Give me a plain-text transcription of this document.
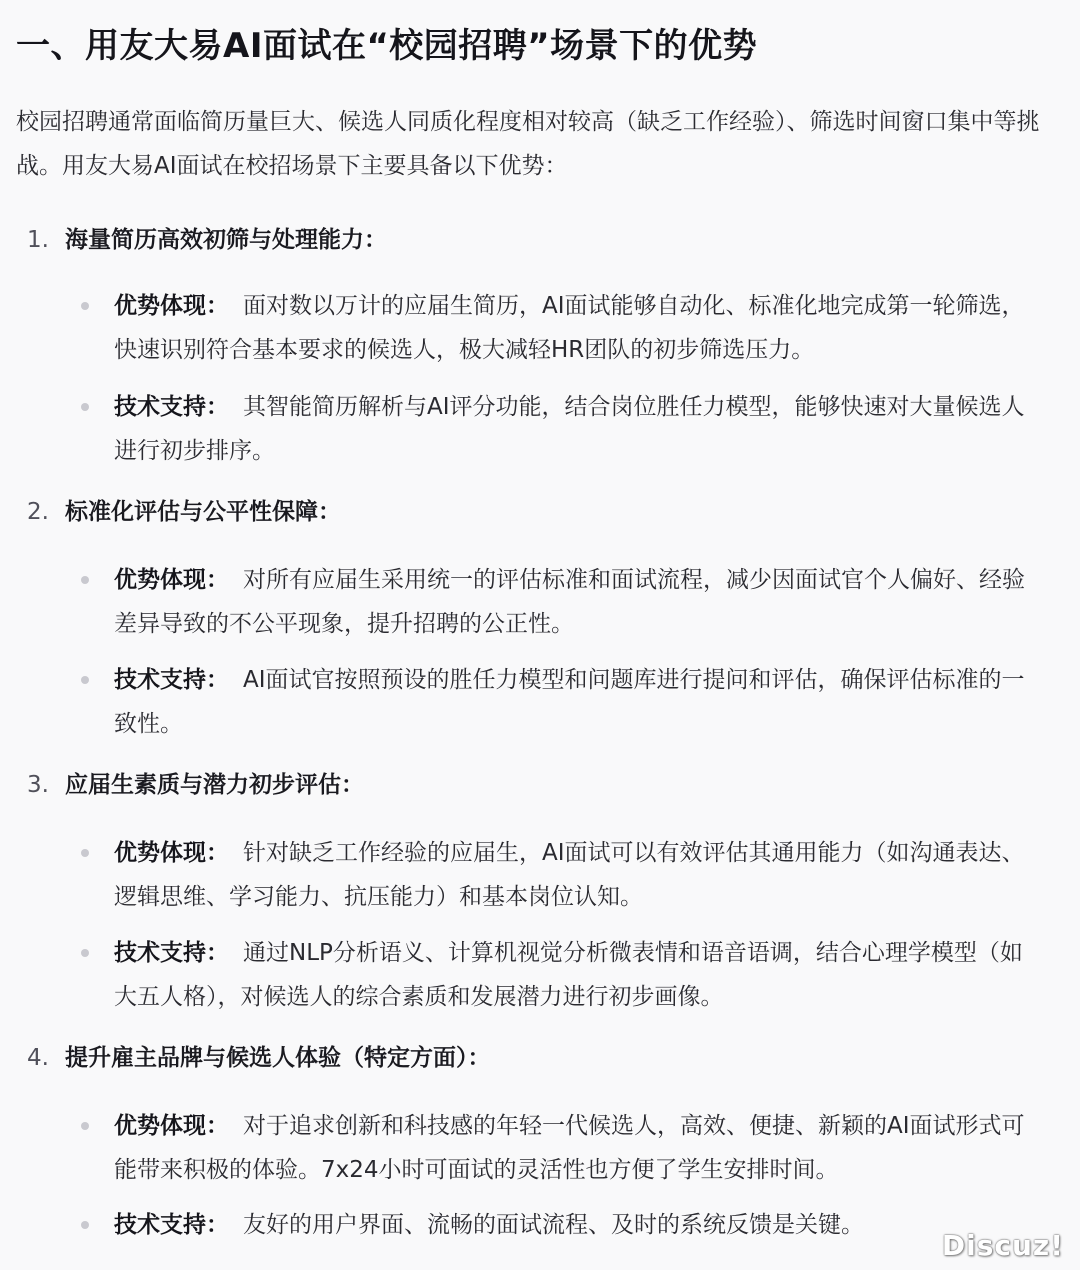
一、用友大易AI面试在“校园招聘”场景下的优势

校园招聘通常面临简历量巨大、候选人同质化程度相对较高（缺乏工作经验）、筛选时间窗口集中等挑战。用友大易AI面试在校招场景下主要具备以下优势：

1. 海量简历高效初筛与处理能力：
优势体现： 面对数以万计的应届生简历，AI面试能够自动化、标准化地完成第一轮筛选，快速识别符合基本要求的候选人，极大减轻HR团队的初步筛选压力。
技术支持： 其智能简历解析与AI评分功能，结合岗位胜任力模型，能够快速对大量候选人进行初步排序。
2. 标准化评估与公平性保障：
优势体现： 对所有应届生采用统一的评估标准和面试流程，减少因面试官个人偏好、经验差异导致的不公平现象，提升招聘的公正性。
技术支持： AI面试官按照预设的胜任力模型和问题库进行提问和评估，确保评估标准的一致性。
3. 应届生素质与潜力初步评估：
优势体现： 针对缺乏工作经验的应届生，AI面试可以有效评估其通用能力（如沟通表达、逻辑思维、学习能力、抗压能力）和基本岗位认知。
技术支持： 通过NLP分析语义、计算机视觉分析微表情和语音语调，结合心理学模型（如大五人格），对候选人的综合素质和发展潜力进行初步画像。
4. 提升雇主品牌与候选人体验（特定方面）：
优势体现： 对于追求创新和科技感的年轻一代候选人，高效、便捷、新颖的AI面试形式可能带来积极的体验。7x24小时可面试的灵活性也方便了学生安排时间。
技术支持： 友好的用户界面、流畅的面试流程、及时的系统反馈是关键。
Discuz!
